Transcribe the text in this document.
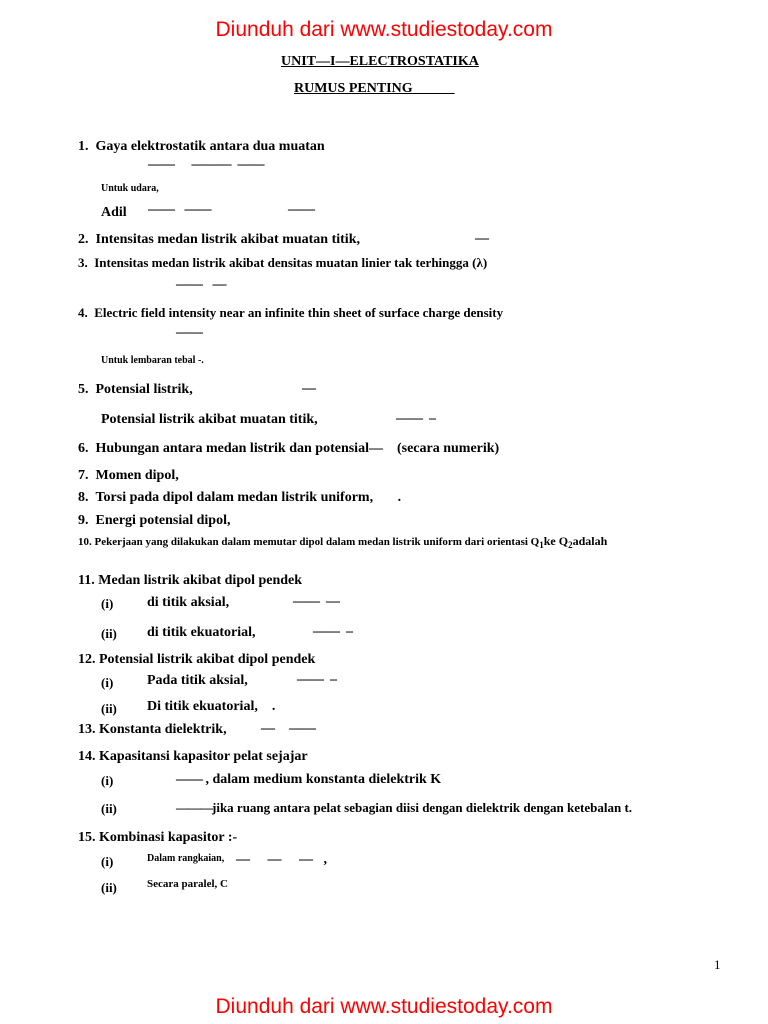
Diunduh dari www.studiestoday.com
Diunduh dari www.studiestoday.com
UNIT—I—ELECTROSTATIKA
RUMUS PENTING
1. Gaya elektrostatik antara dua muatan
—— ——— ——
Untuk udara,
Adil —— ——	——
2. Intensitas medan listrik akibat muatan titik,	—
3. Intensitas medan listrik akibat densitas muatan linier tak terhingga (λ)
——   —
4. Electric field intensity near an infinite thin sheet of surface charge density
——
Untuk lembaran tebal -.
5. Potensial listrik,	—
Potensial listrik akibat muatan titik,	——  –
6. Hubungan antara medan listrik dan potensial—    (secara numerik)
7. Momen dipol,
8. Torsi pada dipol dalam medan listrik uniform, .
9. Energi potensial dipol,
10. Pekerjaan yang dilakukan dalam memutar dipol dalam medan listrik uniform dari orientasi $Q_1ke$ $Q_2adalah$
11. Medan listrik akibat dipol pendek
(i) di titik aksial,	——  —
(ii) di titik ekuatorial,	——  –
12. Potensial listrik akibat dipol pendek
(i) Pada titik aksial,	——  –
(ii) Di titik ekuatorial, .
13. Konstanta dielektrik, —    ——
14. Kapasitansi kapasitor pelat sejajar
(i)	—— , dalam medium konstanta dielektrik K
(ii)	———jika ruang antara pelat sebagian diisi dengan dielektrik dengan ketebalan t.
15. Kombinasi kapasitor :-
(i)	Dalam rangkaian, —     —     —   ,
(ii)	Secara paralel, C
1
